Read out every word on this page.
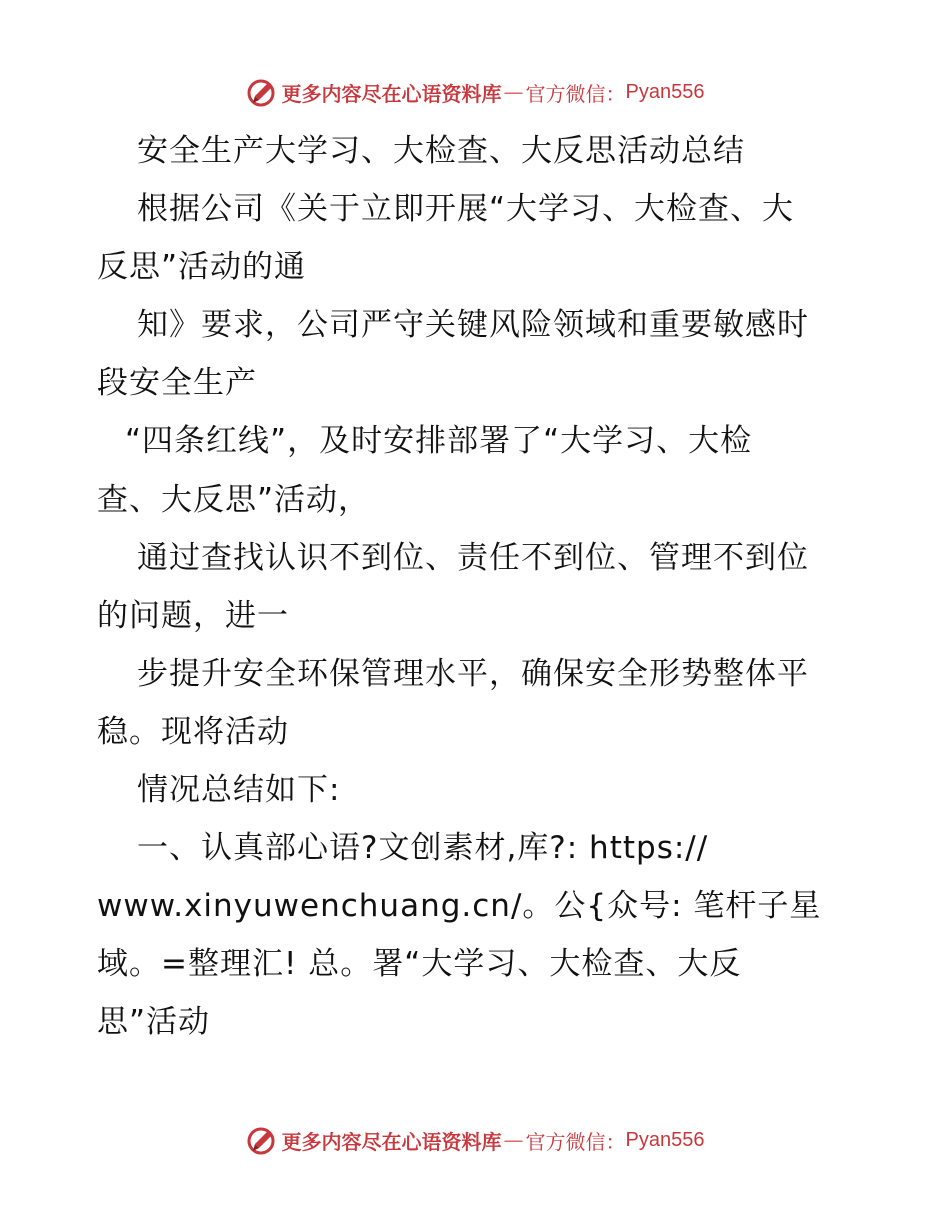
更多内容尽在心语资料库 — 官方微信： Pyan556
安全生产大学习、大检查、大反思活动总结
根据公司《关于立即开展“大学习、大检查、大
反思”活动的通
知》要求，公司严守关键风险领域和重要敏感时
段安全生产
“四条红线”，及时安排部署了“大学习、大检
查、大反思”活动，
通过查找认识不到位、责任不到位、管理不到位
的问题，进一
步提升安全环保管理水平，确保安全形势整体平
稳。现将活动
情况总结如下:
一、认真部心语?文创素材,库?: https://
www.xinyuwenchuang.cn/。公{众号: 笔杆子星
域。=整理汇! 总。署“大学习、大检查、大反
思”活动
更多内容尽在心语资料库 — 官方微信： Pyan556
